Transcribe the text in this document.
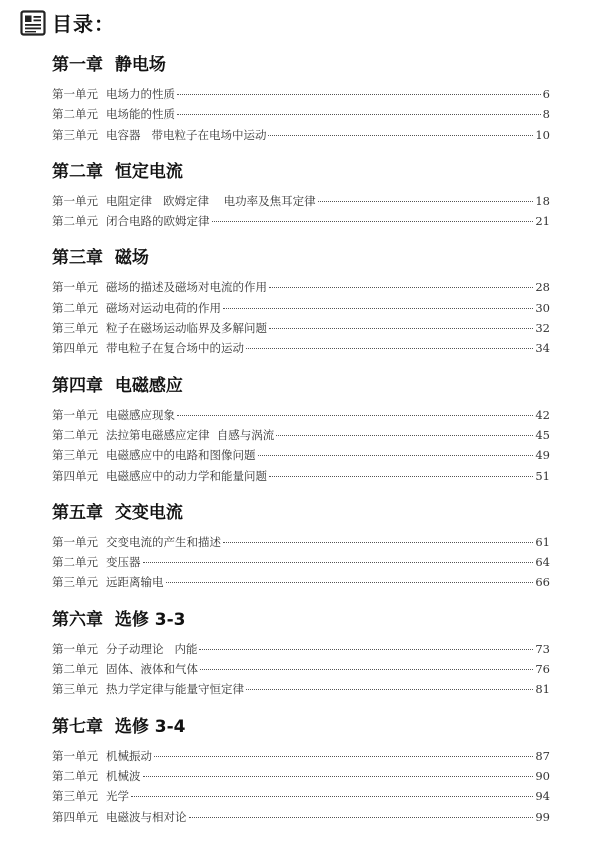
目录：
第一章  静电场
第一单元 电场力的性质	6
第二单元 电场能的性质	8
第三单元 电容器   带电粒子在电场中运动	10
第二章  恒定电流
第一单元 电阻定律   欧姆定律    电功率及焦耳定律	18
第二单元 闭合电路的欧姆定律	21
第三章  磁场
第一单元 磁场的描述及磁场对电流的作用	28
第二单元 磁场对运动电荷的作用	30
第三单元 粒子在磁场运动临界及多解问题	32
第四单元 带电粒子在复合场中的运动	34
第四章  电磁感应
第一单元 电磁感应现象	42
第二单元 法拉第电磁感应定律  自感与涡流	45
第三单元 电磁感应中的电路和图像问题	49
第四单元 电磁感应中的动力学和能量问题	51
第五章  交变电流
第一单元 交变电流的产生和描述	61
第二单元 变压器	64
第三单元 远距离输电	66
第六章  选修 3-3
第一单元 分子动理论   内能	73
第二单元 固体、液体和气体	76
第三单元 热力学定律与能量守恒定律	81
第七章  选修 3-4
第一单元 机械振动	87
第二单元 机械波	90
第三单元 光学	94
第四单元 电磁波与相对论	99
